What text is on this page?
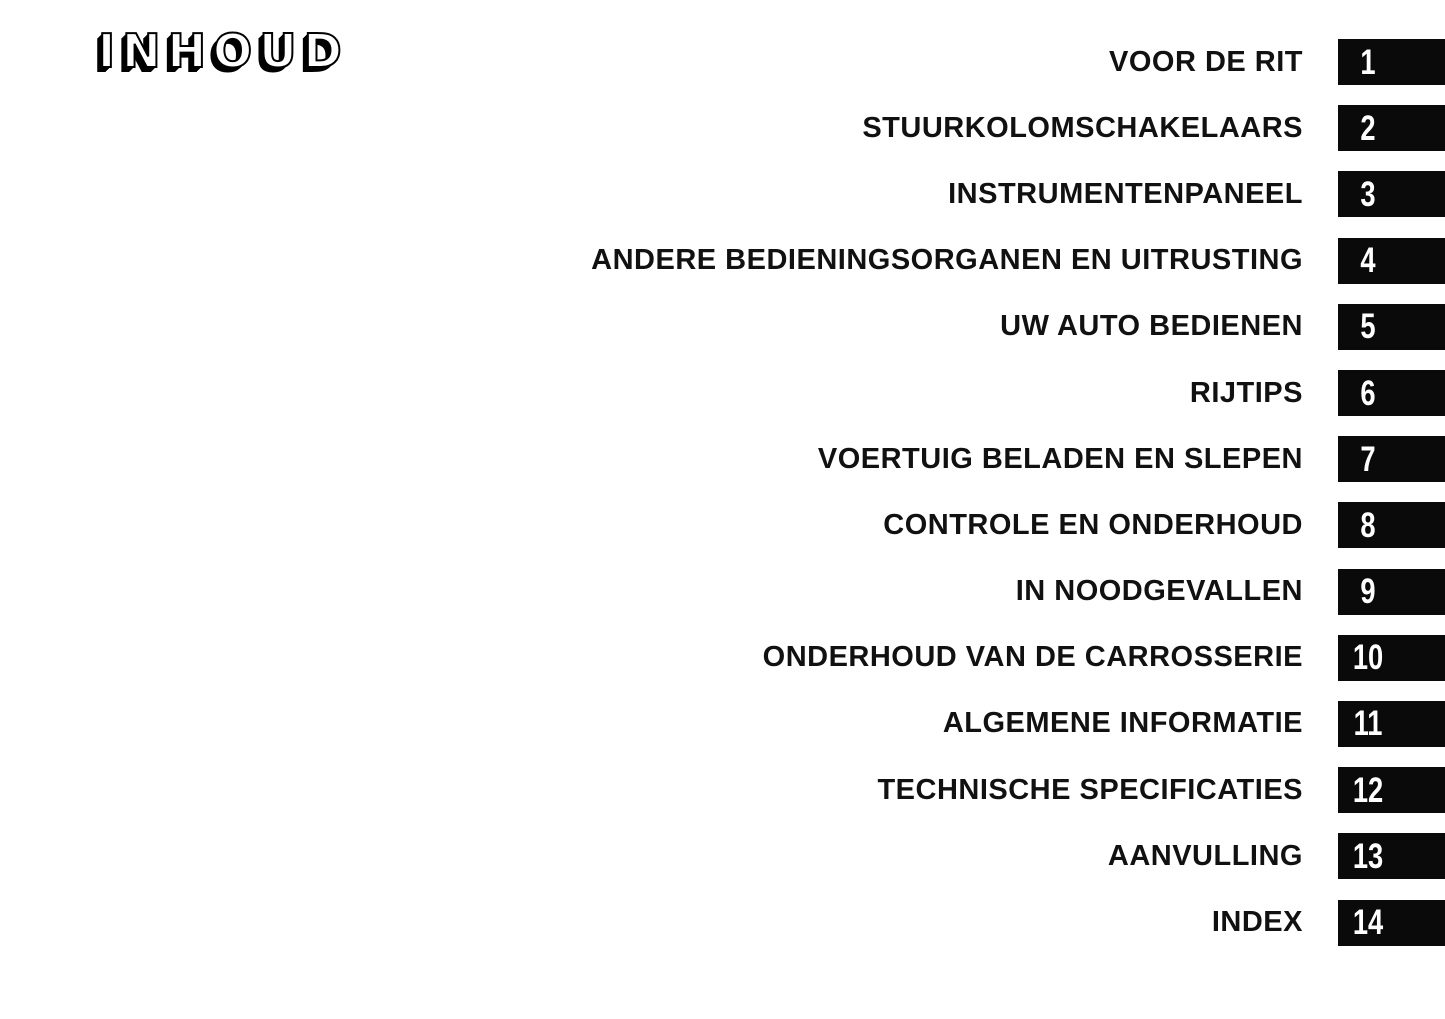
INHOUD	VOOR DE RIT 1
STUURKOLOMSCHAKELAARS 2
INSTRUMENTENPANEEL 3
ANDERE BEDIENINGSORGANEN EN UITRUSTING 4
UW AUTO BEDIENEN 5
RIJTIPS 6
VOERTUIG BELADEN EN SLEPEN 7
CONTROLE EN ONDERHOUD 8
IN NOODGEVALLEN 9
ONDERHOUD VAN DE CARROSSERIE 10
ALGEMENE INFORMATIE 11
TECHNISCHE SPECIFICATIES 12
AANVULLING 13
INDEX 14
